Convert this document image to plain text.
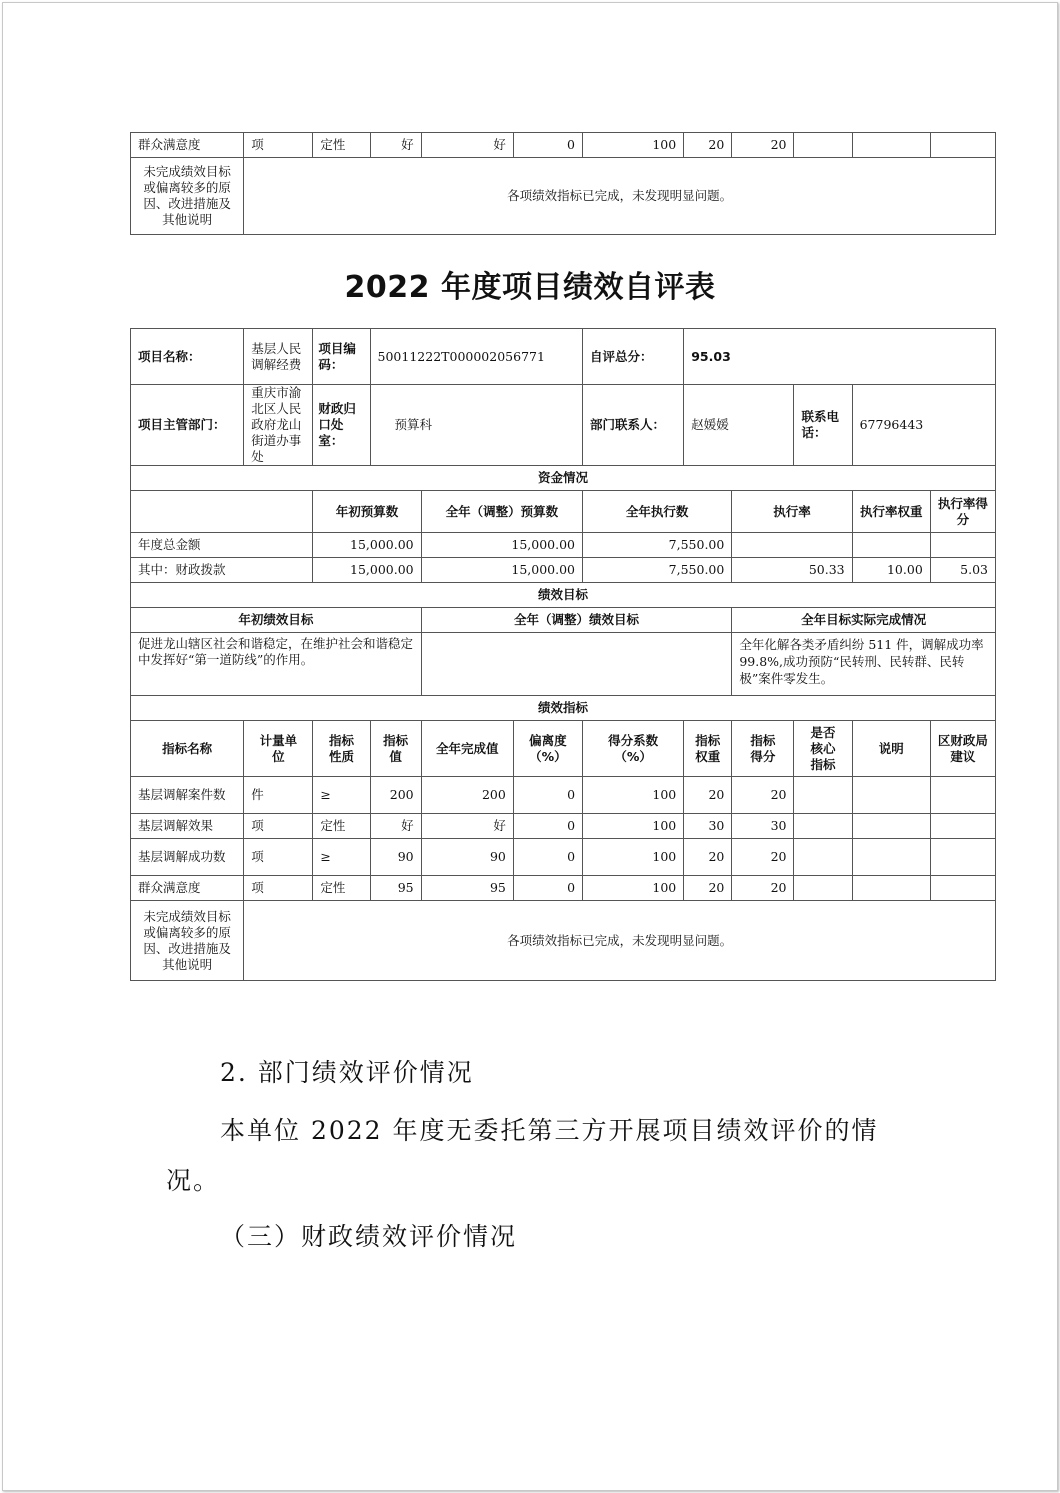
群众满意度	项	定性	好	好	0	100	20	20			
未完成绩效目标或偏离较多的原因、改进措施及其他说明	各项绩效指标已完成，未发现明显问题。										
2022 年度项目绩效自评表
项目名称：	基层人民调解经费	项目编码：	50011222T000002056771			自评总分：	95.03				
项目主管部门：	重庆市渝北区人民政府龙山街道办事处	财政归口处室：	预算科			部门联系人：	赵媛媛		联系电话：	67796443	
资金情况											
		年初预算数		全年（调整）预算数		全年执行数		执行率		执行率权重	执行率得分
年度总金额		15,000.00		15,000.00		7,550.00					
其中：财政拨款		15,000.00		15,000.00		7,550.00		50.33		10.00	5.03
绩效目标											
年初绩效目标				全年（调整）绩效目标				全年目标实际完成情况			
促进龙山辖区社会和谐稳定，在维护社会和谐稳定中发挥好“第一道防线”的作用。								全年化解各类矛盾纠纷 511 件，调解成功率 99.8%,成功预防“民转刑、民转群、民转极”案件零发生。			
绩效指标											
指标名称	计量单位	指标性质	指标值	全年完成值	偏离度（%）	得分系数（%）	指标权重	指标得分	是否核心指标	说明	区财政局建议
基层调解案件数	件	≥	200	200	0	100	20	20			
基层调解效果	项	定性	好	好	0	100	30	30			
基层调解成功数	项	≥	90	90	0	100	20	20			
群众满意度	项	定性	95	95	0	100	20	20			
未完成绩效目标或偏离较多的原因、改进措施及其他说明	各项绩效指标已完成，未发现明显问题。										
2. 部门绩效评价情况
本单位 2022 年度无委托第三方开展项目绩效评价的情
况。
（三）财政绩效评价情况
